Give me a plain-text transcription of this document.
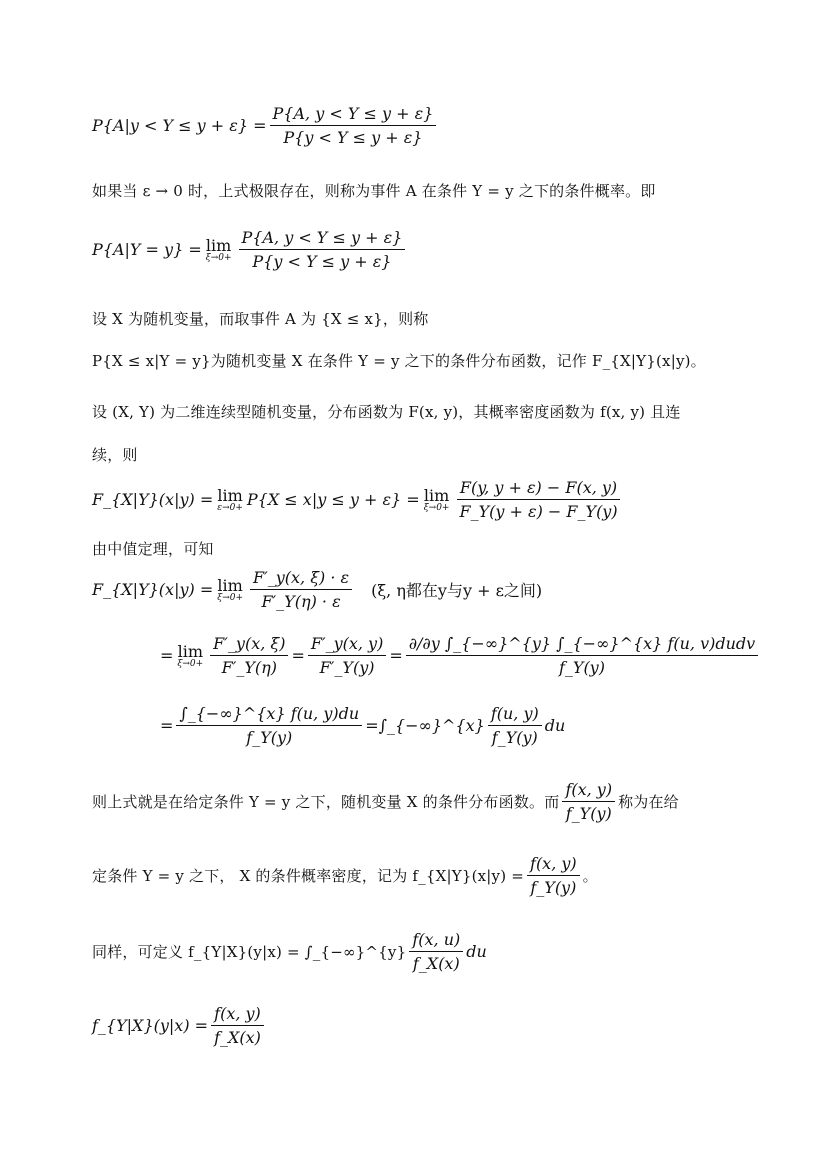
$P\{A|y < Y \le y + \varepsilon\} = \frac{P\{A, y < Y \le y + \varepsilon\}}{P\{y < Y \le y + \varepsilon\}}$
如果当 ε → 0 时，上式极限存在，则称为事件 A 在条件 Y = y 之下的条件概率。即
P{A|Y = y} = lim
$\xi\to 0+ \frac{P\{A, y < Y \le y + \varepsilon\}}{P\{y < Y \le y + \varepsilon\}}$
设 X 为随机变量，而取事件 A 为 {X ≤ x}，则称
P{X ≤ x|Y = y}为随机变量 X 在条件 Y = y 之下的条件分布函数，记作 F_{X|Y}(x|y)。
设 (X, Y) 为二维连续型随机变量，分布函数为 F(x, y)，其概率密度函数为 f(x, y) 且连
续，则
F_{X|Y}(x|y) = lim
ε→0+ P{X ≤ x|y ≤ y + ε} = lim
$\xi\to 0+ \frac{F(y, y + \varepsilon) - F(x, y)}{F\_Y(y + \varepsilon) - F\_Y(y)}$
由中值定理，可知
F_{X|Y}(x|y) = lim
$\xi\to 0+ \frac{F'\_y(x, \xi) \cdot \varepsilon}{F'\_Y(\eta) \cdot \varepsilon} (\xi$, η都在y与y + ε之间)
= lim
$\xi\to 0+ \frac{F'\_y(x, \xi)}{F'\_Y(\eta)} = \frac{F'\_y(x, y)}{F'\_Y(y)} = \frac{\text{∂/∂y ∫\_\{−∞\}\textasciicircum{}\{y\} ∫\_\{−∞\}\textasciicircum{}\{x\} f(u, v)dudv}}{f\_Y(y)}$
= $\frac{\int\_\{-\infty\}\^{}\{x\} f(u, y)du}{f\_Y(y)}$ = ∫_{−∞}^{x} $\frac{f(u, y)}{f\_Y(y)}$ du
则上式就是在给定条件 Y = y 之下，随机变量 X 的条件分布函数。而 $\frac{f(x, y)}{f\_Y(y)}$ 称为在给
定条件 Y = y 之下， X 的条件概率密度，记为 f_{X|Y}(x|y) = $\frac{f(x, y)}{f\_Y(y)}$ 。
同样，可定义 f_{Y|X}(y|x) = ∫_{−∞}^{y} $\frac{f(x, u)}{f\_X(x)}$ du
f_{Y|X}(y|x) = $\frac{f(x, y)}{f\_X(x)}$
